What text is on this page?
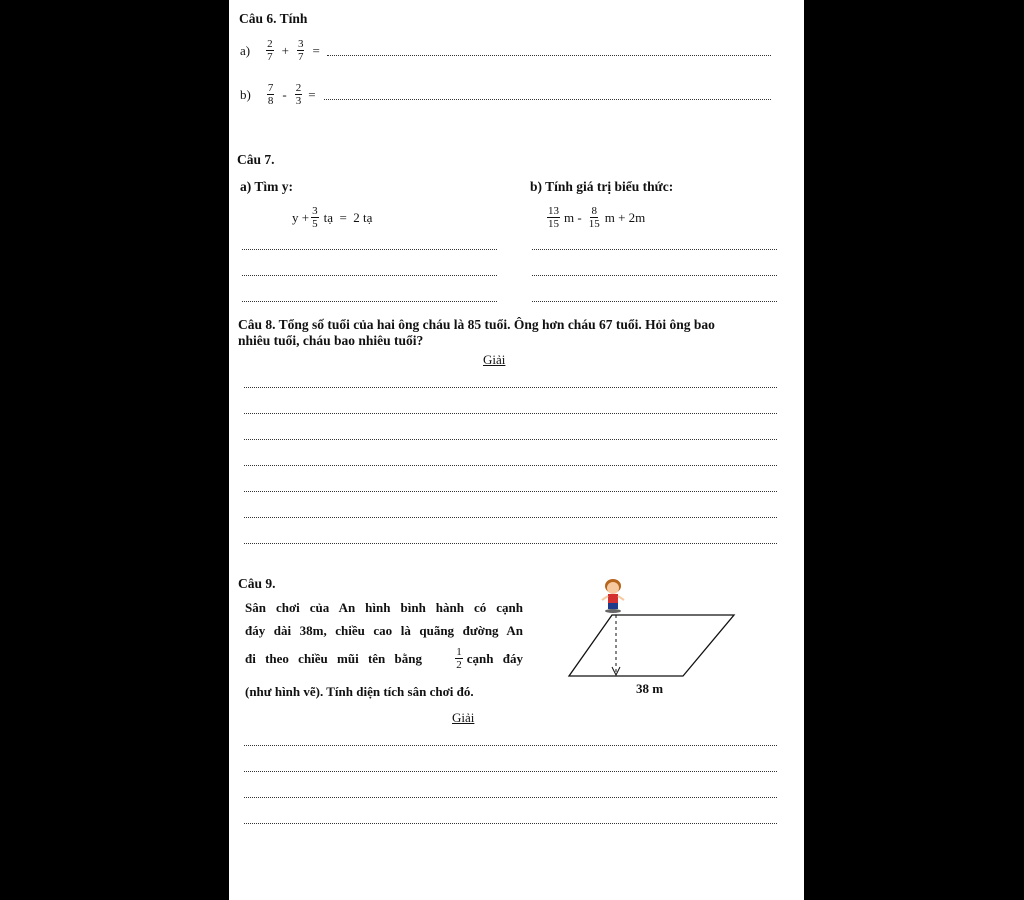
Câu 6. Tính
$a) \frac{2}{7} + \frac{3}{7}$ =
$b) \frac{7}{8} - \frac{2}{3}$ =
Câu 7.
a) Tìm y:	b) Tính giá trị biểu thức:
$y + \frac{3}{5}$ tạ  =  2 tạ	$\frac{13}{15}$ m - $\frac{8}{15}$ m + 2m
Câu 8. Tổng số tuổi của hai ông cháu là 85 tuổi. Ông hơn cháu 67 tuổi. Hỏi ông bao
nhiêu tuổi, cháu bao nhiêu tuổi?
Giải
Câu 9.
Sân chơi của An hình bình hành có cạnh
đáy dài 38m, chiều cao là quãng đường An
đi theo chiều mũi tên bằng	$\frac{1}{2}$ cạnh đáy
(như hình vẽ). Tính diện tích sân chơi đó.	38 m
Giải
